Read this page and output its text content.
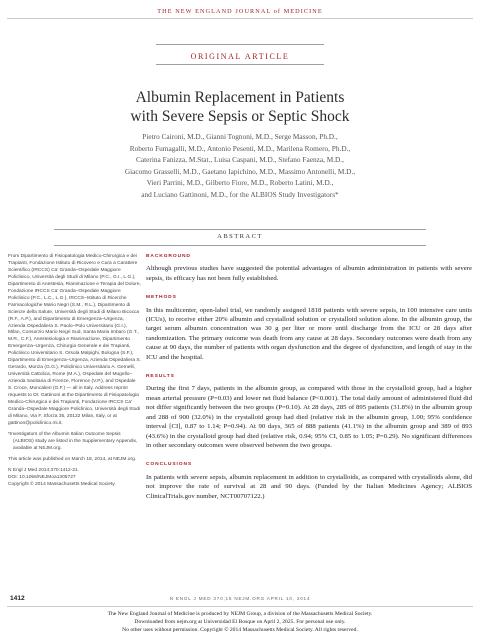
THE NEW ENGLAND JOURNAL of MEDICINE
ORIGINAL ARTICLE
Albumin Replacement in Patients
with Severe Sepsis or Septic Shock
Pietro Caironi, M.D., Gianni Tognoni, M.D., Serge Masson, Ph.D.,
Roberto Fumagalli, M.D., Antonio Pesenti, M.D., Marilena Romero, Ph.D.,
Caterina Fanizza, M.Stat., Luisa Caspani, M.D., Stefano Faenza, M.D.,
Giacomo Grasselli, M.D., Gaetano Iapichino, M.D., Massimo Antonelli, M.D.,
Vieri Parrini, M.D., Gilberto Fiore, M.D., Roberto Latini, M.D.,
and Luciano Gattinoni, M.D., for the ALBIOS Study Investigators*
ABSTRACT

From Dipartimento di Fisiopatologia Medico-Chirurgica e dei Trapianti, Fondazione Istituto di Ricovero e Cura a Carattere Scientifico (IRCCS) Ca' Granda–Ospedale Maggiore Policlinico, Università degli Studi di Milano (P.C., G.I., L.G.), Dipartimento di Anestesia, Rianimazione e Terapia del Dolore, Fondazione IRCCS Ca' Granda–Ospedale Maggiore Policlinico (P.C., L.C., L.G.), IRCCS–Istituto di Ricerche Farmacologiche Mario Negri (S.M., R.L.), Dipartimento di Scienze della Salute, Università degli Studi di Milano Bicocca (R.F., A.P.), and Dipartimento di Emergenza–Urgenza, Azienda Ospedaliera S. Paolo–Polo Universitario (G.I.), Milan, Consorzio Mario Negri Sud, Santa Maria Imbaro (G.T., M.R., C.F.), Anestesiologia e Rianimazione, Dipartimento Emergenza–Urgenza, Chirurgia Generale e dei Trapianti, Policlinico Universitario S. Orsola Malpighi, Bologna (S.F.), Dipartimento di Emergenza–Urgenza, Azienda Ospedaliera S. Gerardo, Monza (G.G.), Policlinico Universitario A. Gemelli, Università Cattolica, Rome (M.A.), Ospedale del Mugello–Azienda Sanitaria di Firenze, Florence (V.P.), and Ospedale S. Croce, Moncalieri (G.F.) — all in Italy. Address reprint requests to Dr. Gattinoni at the Dipartimento di Fisiopatologia Medico-Chirurgica e dei Trapianti, Fondazione IRCCS Ca' Granda–Ospedale Maggiore Policlinico, Università degli Studi di Milano, Via F. Sforza 35, 20122 Milan, Italy, or at gattinon@policlinico.mi.it.

*Investigators of the Albumin Italian Outcome Sepsis (ALBIOS) study are listed in the Supplementary Appendix, available at NEJM.org.

This article was published on March 18, 2014, at NEJM.org.

N Engl J Med 2014;370:1412-21.
DOI: 10.1056/NEJMoa1305727
Copyright © 2014 Massachusetts Medical Society.
BACKGROUND

Although previous studies have suggested the potential advantages of albumin administration in patients with severe sepsis, its efficacy has not been fully established.

METHODS

In this multicenter, open-label trial, we randomly assigned 1818 patients with severe sepsis, in 100 intensive care units (ICUs), to receive either 20% albumin and crystalloid solution or crystalloid solution alone. In the albumin group, the target serum albumin concentration was 30 g per liter or more until discharge from the ICU or 28 days after randomization. The primary outcome was death from any cause at 28 days. Secondary outcomes were death from any cause at 90 days, the number of patients with organ dysfunction and the degree of dysfunction, and length of stay in the ICU and the hospital.

RESULTS

During the first 7 days, patients in the albumin group, as compared with those in the crystalloid group, had a higher mean arterial pressure (P=0.03) and lower net fluid balance (P<0.001). The total daily amount of administered fluid did not differ significantly between the two groups (P=0.10). At 28 days, 285 of 895 patients (31.8%) in the albumin group and 288 of 900 (32.0%) in the crystalloid group had died (relative risk in the albumin group, 1.00; 95% confidence interval [CI], 0.87 to 1.14; P=0.94). At 90 days, 365 of 888 patients (41.1%) in the albumin group and 389 of 893 (43.6%) in the crystalloid group had died (relative risk, 0.94; 95% CI, 0.85 to 1.05; P=0.29). No significant differences in other secondary outcomes were observed between the two groups.

CONCLUSIONS

In patients with severe sepsis, albumin replacement in addition to crystalloids, as compared with crystalloids alone, did not improve the rate of survival at 28 and 90 days. (Funded by the Italian Medicines Agency; ALBIOS ClinicalTrials.gov number, NCT00707122.)

1412	N ENGL J MED 370;15 NEJM.ORG APRIL 10, 2014
The New England Journal of Medicine is produced by NEJM Group, a division of the Massachusetts Medical Society.
Downloaded from nejm.org at Universidad El Bosque on April 2, 2025. For personal use only.
No other uses without permission. Copyright © 2014 Massachusetts Medical Society. All rights reserved.
